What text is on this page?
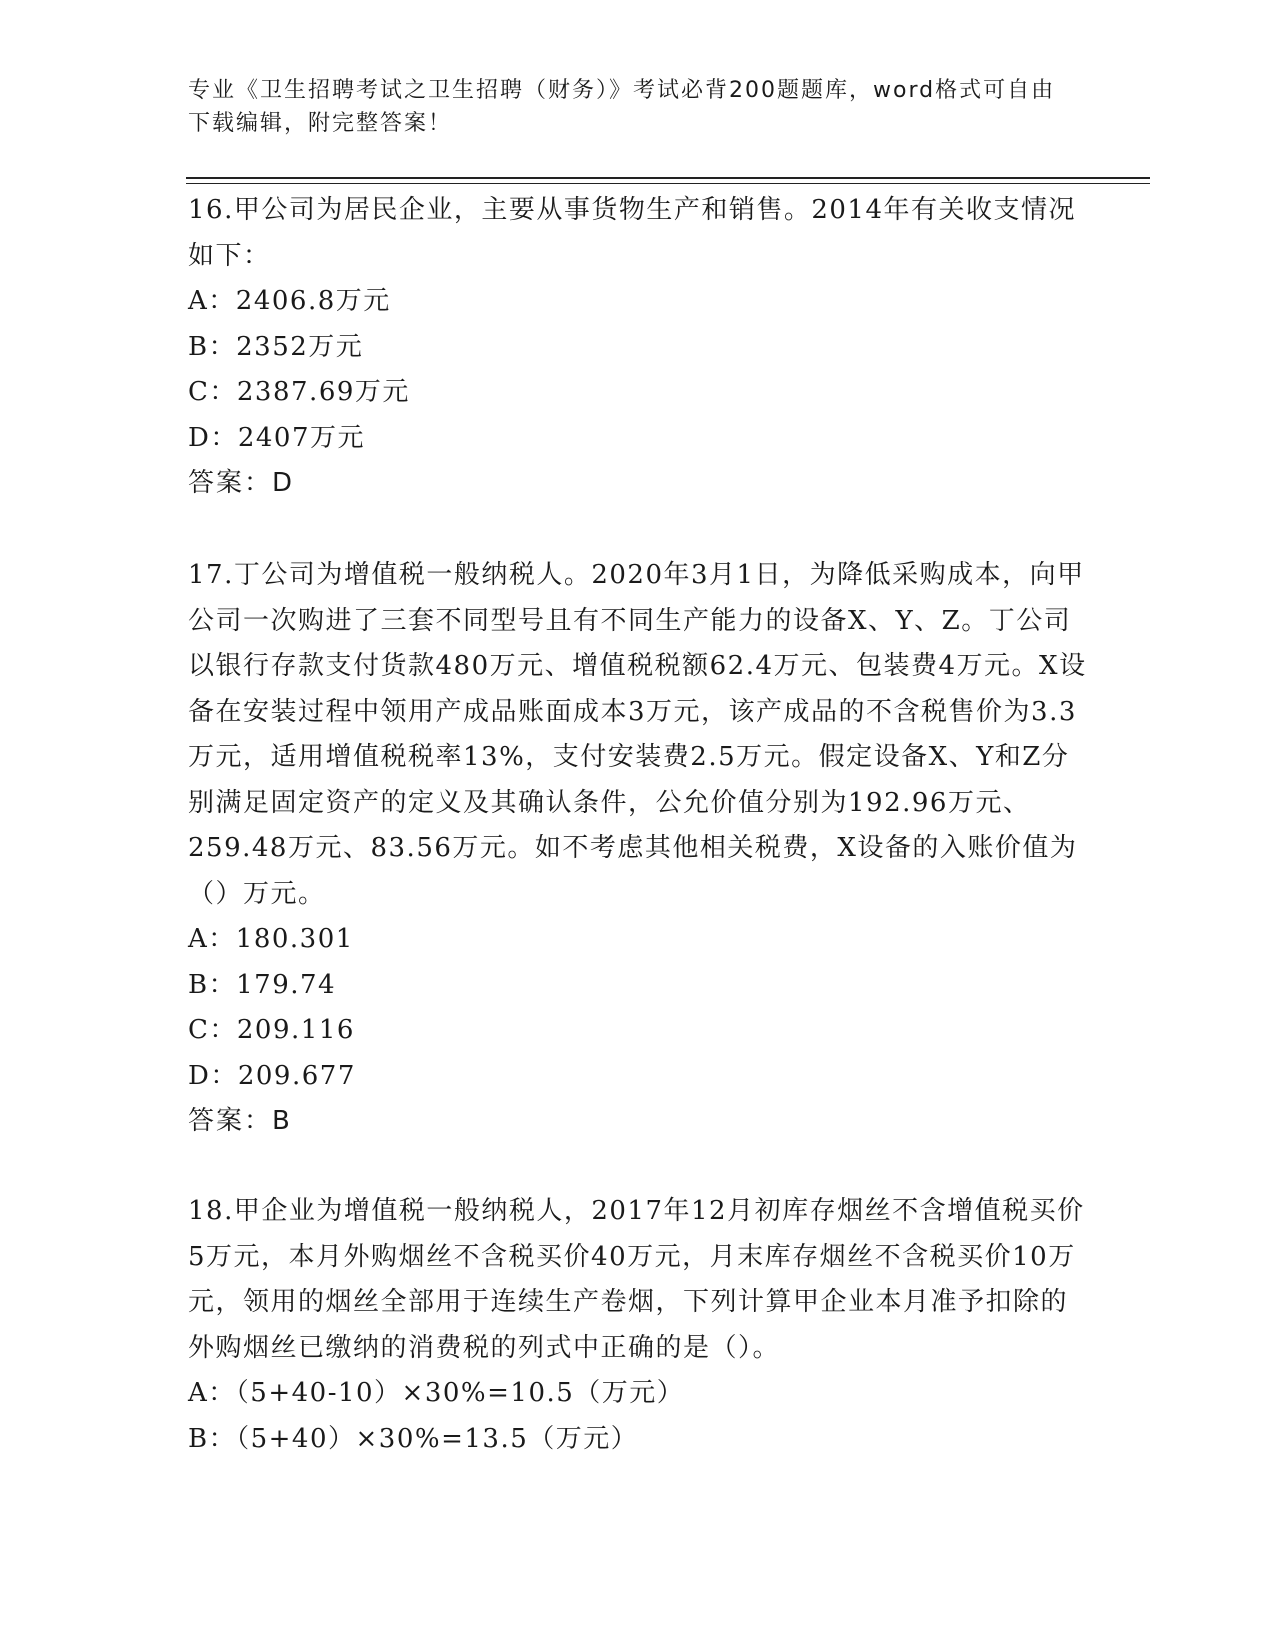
专业《卫生招聘考试之卫生招聘（财务）》考试必背200题题库，word格式可自由下载编辑，附完整答案！

16.甲公司为居民企业，主要从事货物生产和销售。2014年有关收支情况如下：

A：2406.8万元

B：2352万元

C：2387.69万元

D：2407万元

答案：D

17.丁公司为增值税一般纳税人。2020年3月1日，为降低采购成本，向甲公司一次购进了三套不同型号且有不同生产能力的设备X、Y、Z。丁公司以银行存款支付货款480万元、增值税税额62.4万元、包装费4万元。X设备在安装过程中领用产成品账面成本3万元，该产成品的不含税售价为3.3万元，适用增值税税率13%，支付安装费2.5万元。假定设备X、Y和Z分别满足固定资产的定义及其确认条件，公允价值分别为192.96万元、259.48万元、83.56万元。如不考虑其他相关税费，X设备的入账价值为（）万元。

A：180.301

B：179.74

C：209.116

D：209.677

答案：B

18.甲企业为增值税一般纳税人，2017年12月初库存烟丝不含增值税买价5万元，本月外购烟丝不含税买价40万元，月末库存烟丝不含税买价10万元，领用的烟丝全部用于连续生产卷烟，下列计算甲企业本月准予扣除的外购烟丝已缴纳的消费税的列式中正确的是（）。

A：（5+40-10）×30%=10.5（万元）

B：（5+40）×30%=13.5（万元）
